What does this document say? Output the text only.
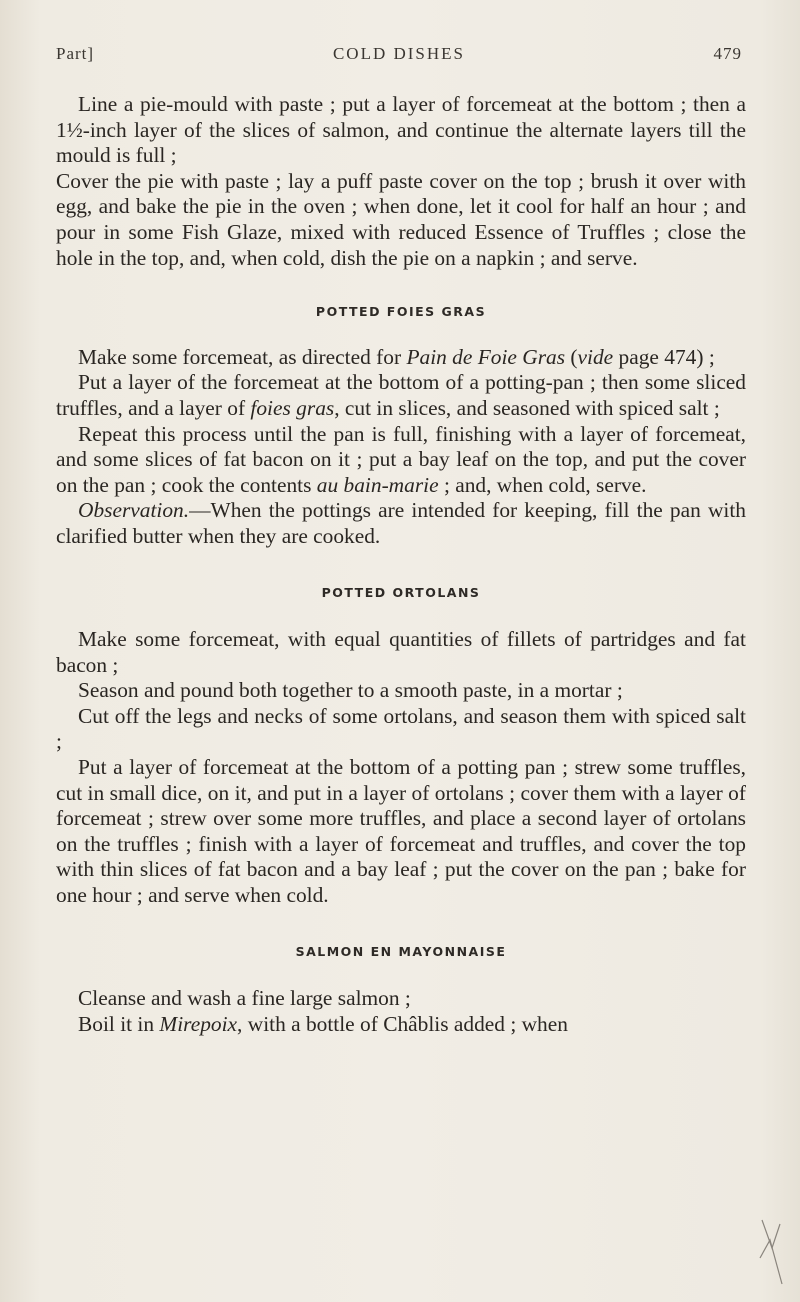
Part]	COLD DISHES	479

Line a pie-mould with paste ; put a layer of forcemeat at the bottom ; then a 1½-inch layer of the slices of salmon, and continue the alternate layers till the mould is full ;

Cover the pie with paste ; lay a puff paste cover on the top ; brush it over with egg, and bake the pie in the oven ; when done, let it cool for half an hour ; and pour in some Fish Glaze, mixed with reduced Essence of Truffles ; close the hole in the top, and, when cold, dish the pie on a napkin ; and serve.

POTTED FOIES GRAS

Make some forcemeat, as directed for Pain de Foie Gras (vide page 474) ;

Put a layer of the forcemeat at the bottom of a potting-pan ; then some sliced truffles, and a layer of foies gras, cut in slices, and seasoned with spiced salt ;

Repeat this process until the pan is full, finishing with a layer of forcemeat, and some slices of fat bacon on it ; put a bay leaf on the top, and put the cover on the pan ; cook the contents au bain-marie ; and, when cold, serve.

Observation.—When the pottings are intended for keeping, fill the pan with clarified butter when they are cooked.

POTTED ORTOLANS

Make some forcemeat, with equal quantities of fillets of partridges and fat bacon ;

Season and pound both together to a smooth paste, in a mortar ;

Cut off the legs and necks of some ortolans, and season them with spiced salt ;

Put a layer of forcemeat at the bottom of a potting pan ; strew some truffles, cut in small dice, on it, and put in a layer of ortolans ; cover them with a layer of forcemeat ; strew over some more truffles, and place a second layer of ortolans on the truffles ; finish with a layer of forcemeat and truffles, and cover the top with thin slices of fat bacon and a bay leaf ; put the cover on the pan ; bake for one hour ; and serve when cold.

SALMON EN MAYONNAISE

Cleanse and wash a fine large salmon ;

Boil it in Mirepoix, with a bottle of Châblis added ; when
